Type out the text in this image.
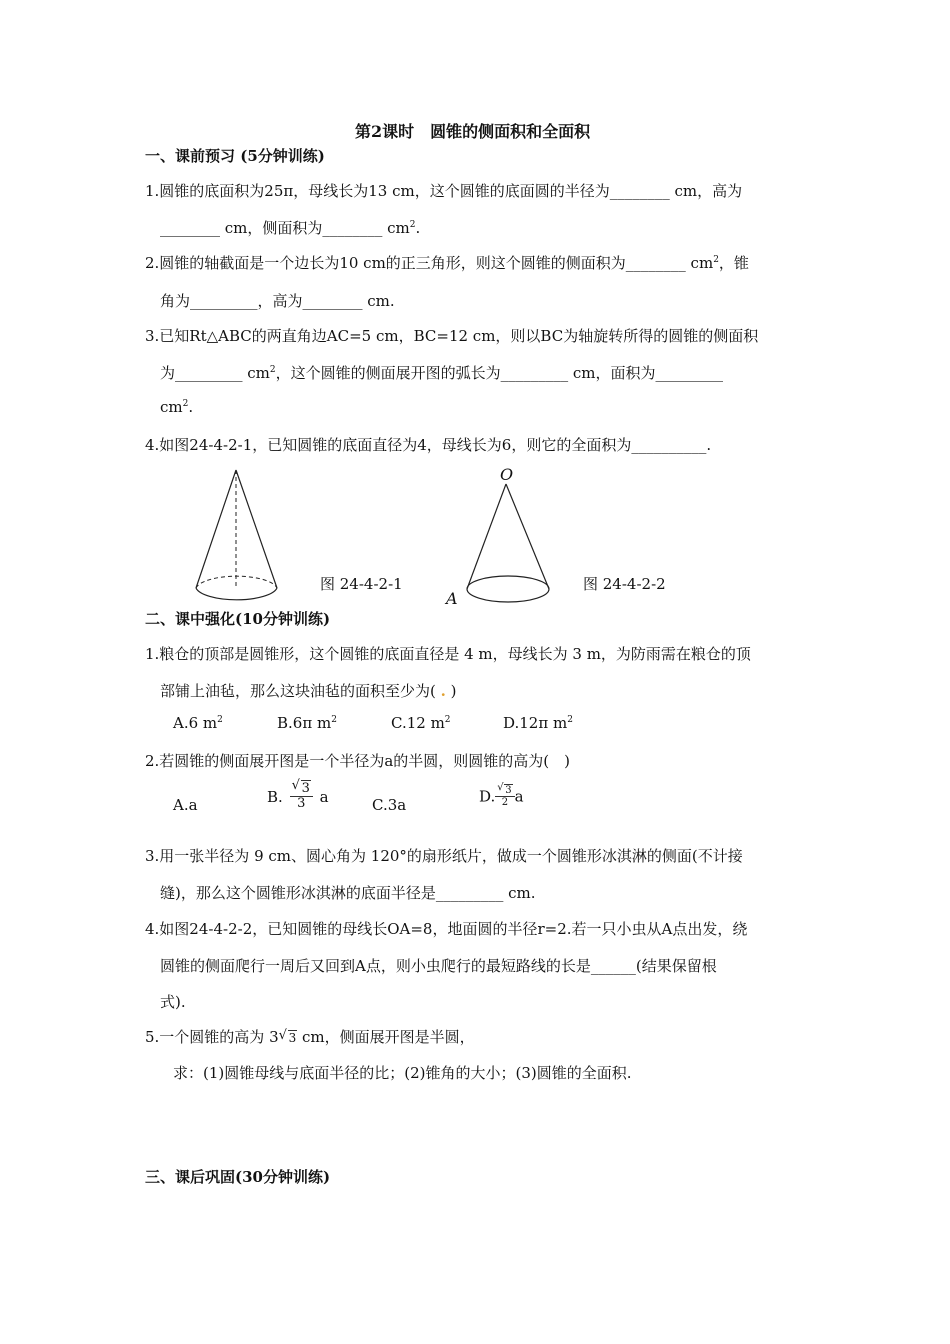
第2课时　圆锥的侧面积和全面积
一、课前预习 (5分钟训练)
1.圆锥的底面积为25π，母线长为13 cm，这个圆锥的底面圆的半径为________ cm，高为
________ cm，侧面积为________ $cm^2$.
2.圆锥的轴截面是一个边长为10 cm的正三角形，则这个圆锥的侧面积为________ $cm^2$，锥
角为_________，高为________ cm.
3.已知Rt△ABC的两直角边AC=5 cm，BC=12 cm，则以BC为轴旋转所得的圆锥的侧面积
为_________ $cm^2$，这个圆锥的侧面展开图的弧长为_________ cm，面积为_________
$cm^2$.
4.如图24-4-2-1，已知圆锥的底面直径为4，母线长为6，则它的全面积为__________.
图 24-4-2-1
O
A
图 24-4-2-2
二、课中强化(10分钟训练)
1.粮仓的顶部是圆锥形，这个圆锥的底面直径是 4 m，母线长为 3 m，为防雨需在粮仓的顶
部铺上油毡，那么这块油毡的面积至少为( . )
A.6 $m^2$	B.6π $m^2$	C.12 $m^2$	D.12π $m^2$
2.若圆锥的侧面展开图是一个半径为a的半圆，则圆锥的高为(　)
A.a	B. $\frac{√ 3}{3}$ a	C.3a	D. $\frac{√ 3}{2}$ a
3.用一张半径为 9 cm、圆心角为 120°的扇形纸片，做成一个圆锥形冰淇淋的侧面(不计接
缝)，那么这个圆锥形冰淇淋的底面半径是_________ cm.
4.如图24-4-2-2，已知圆锥的母线长OA=8，地面圆的半径r=2.若一只小虫从A点出发，绕
圆锥的侧面爬行一周后又回到A点，则小虫爬行的最短路线的长是______(结果保留根
式).
5.一个圆锥的高为 3 √ 3 cm，侧面展开图是半圆，
求：(1)圆锥母线与底面半径的比；(2)锥角的大小；(3)圆锥的全面积.
三、课后巩固(30分钟训练)
